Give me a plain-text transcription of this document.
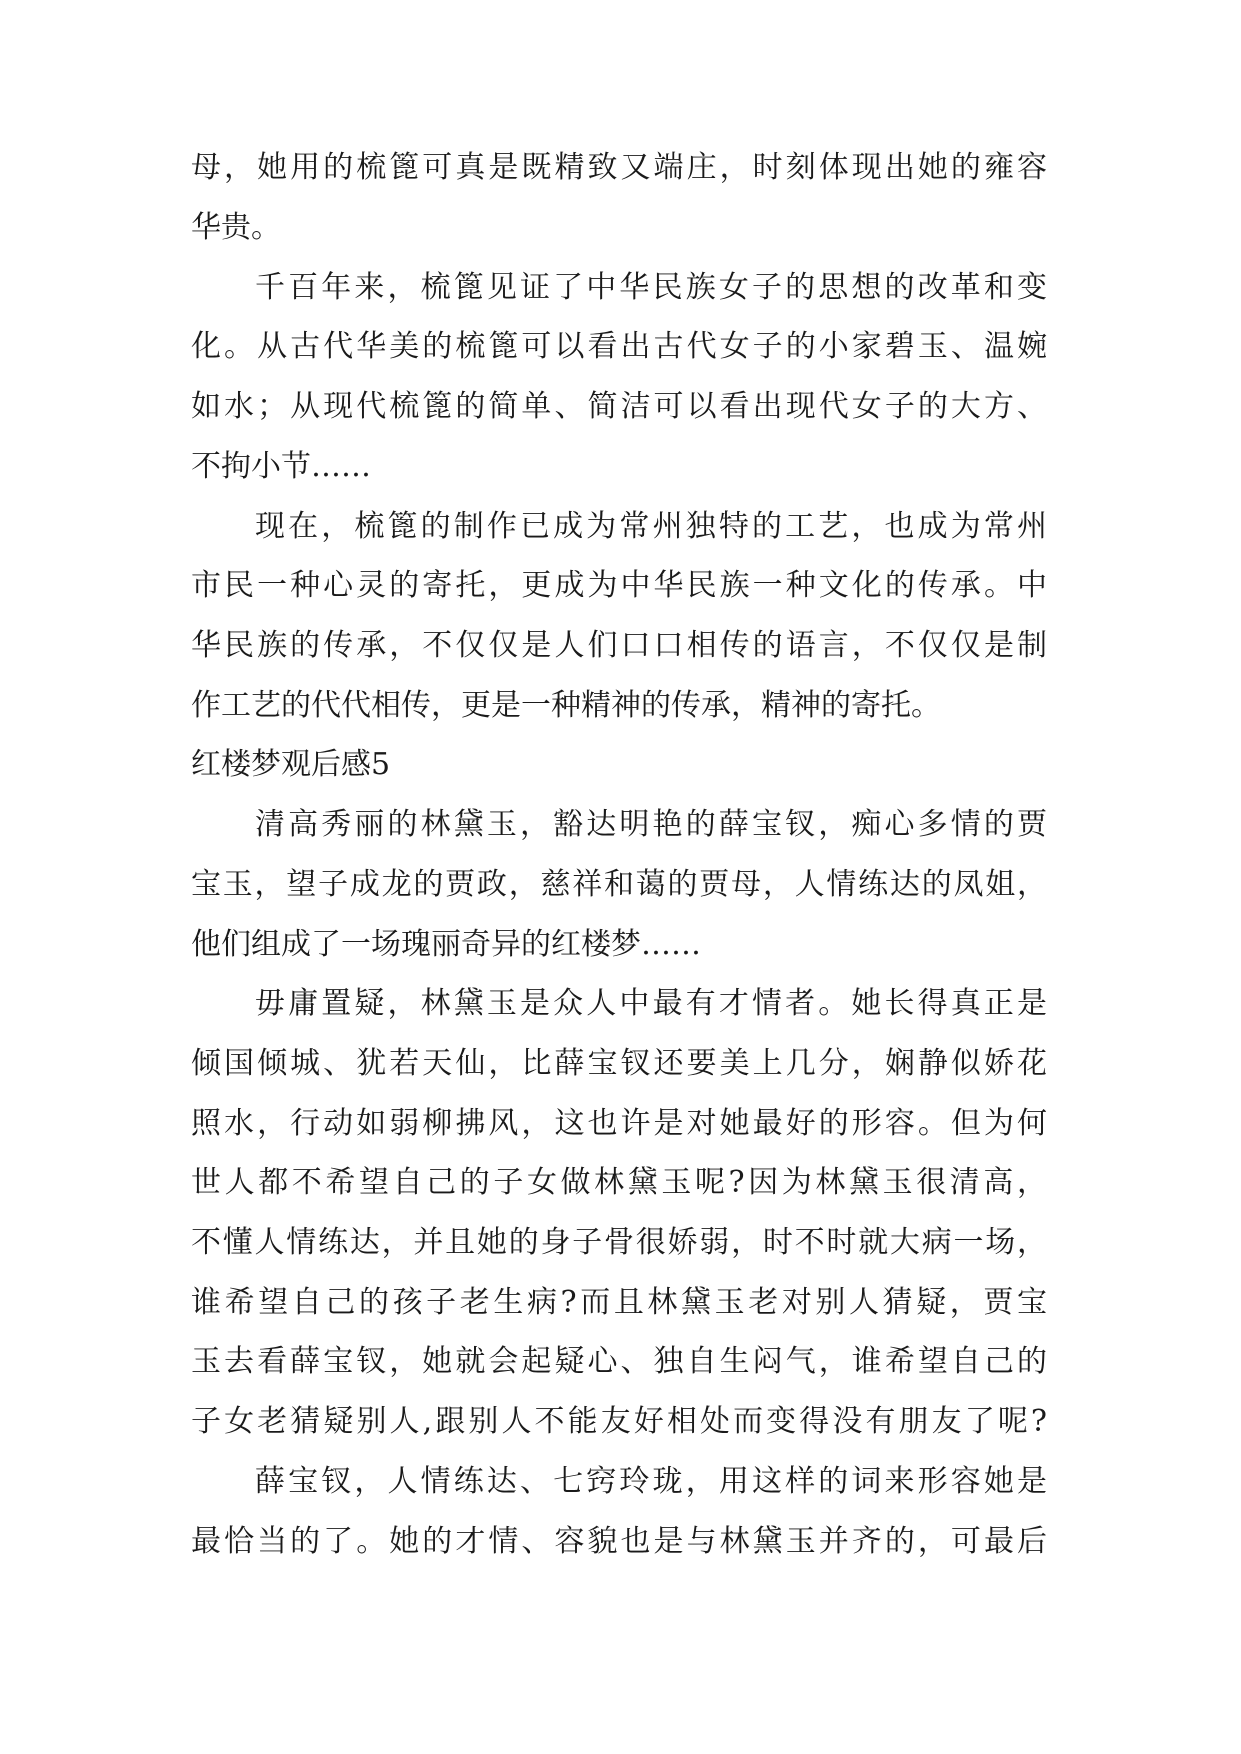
母，她用的梳篦可真是既精致又端庄，时刻体现出她的雍容
华贵。
千百年来，梳篦见证了中华民族女子的思想的改革和变
化。从古代华美的梳篦可以看出古代女子的小家碧玉、温婉
如水；从现代梳篦的简单、简洁可以看出现代女子的大方、
不拘小节……
现在，梳篦的制作已成为常州独特的工艺，也成为常州
市民一种心灵的寄托，更成为中华民族一种文化的传承。中
华民族的传承，不仅仅是人们口口相传的语言，不仅仅是制
作工艺的代代相传，更是一种精神的传承，精神的寄托。
红楼梦观后感5
清高秀丽的林黛玉，豁达明艳的薛宝钗，痴心多情的贾
宝玉，望子成龙的贾政，慈祥和蔼的贾母，人情练达的凤姐，
他们组成了一场瑰丽奇异的红楼梦……
毋庸置疑，林黛玉是众人中最有才情者。她长得真正是
倾国倾城、犹若天仙，比薛宝钗还要美上几分，娴静似娇花
照水，行动如弱柳拂风，这也许是对她最好的形容。但为何
世人都不希望自己的子女做林黛玉呢?因为林黛玉很清高，
不懂人情练达，并且她的身子骨很娇弱，时不时就大病一场，
谁希望自己的孩子老生病?而且林黛玉老对别人猜疑，贾宝
玉去看薛宝钗，她就会起疑心、独自生闷气，谁希望自己的
子女老猜疑别人,跟别人不能友好相处而变得没有朋友了呢?
薛宝钗，人情练达、七窍玲珑，用这样的词来形容她是
最恰当的了。她的才情、容貌也是与林黛玉并齐的，可最后
